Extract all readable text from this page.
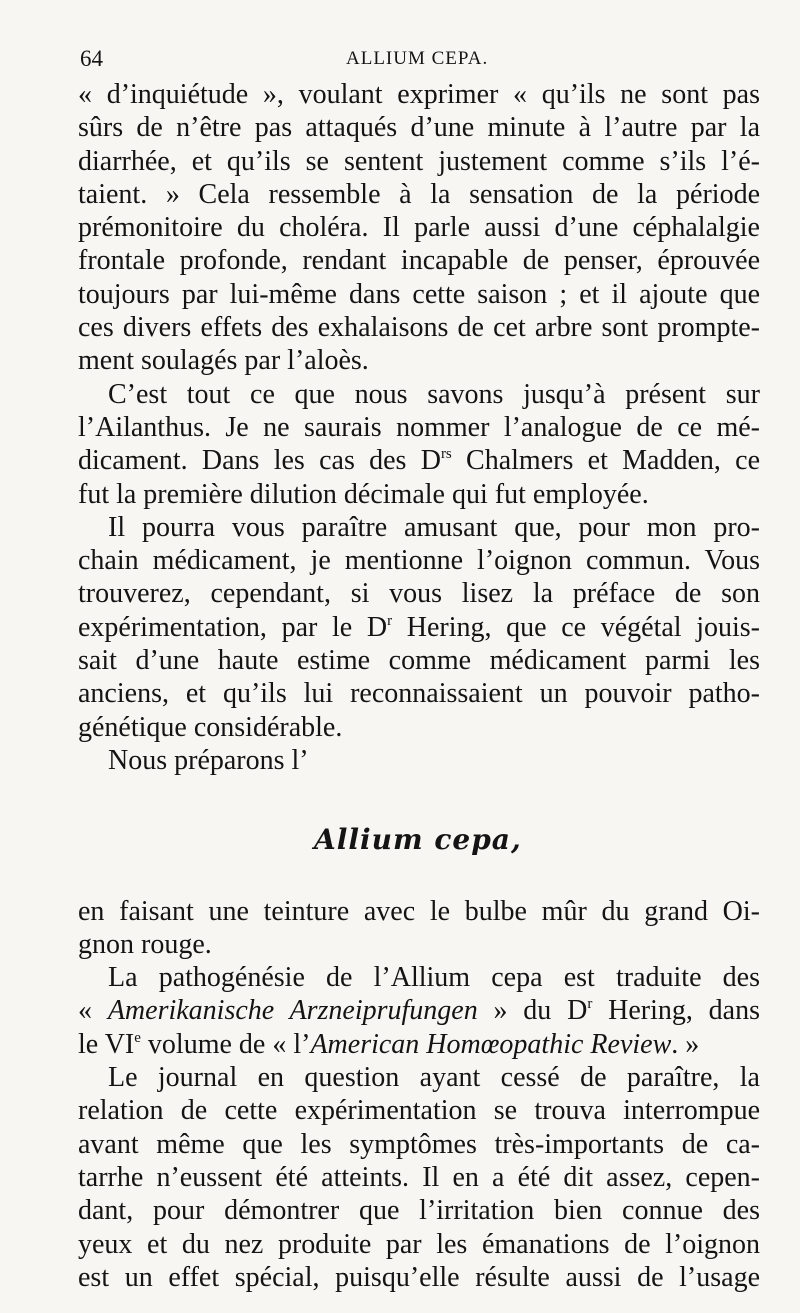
64	ALLIUM CEPA.
« d’inquiétude », voulant exprimer « qu’ils ne sont pas
sûrs de n’être pas attaqués d’une minute à l’autre par la
diarrhée, et qu’ils se sentent justement comme s’ils l’é-
taient. » Cela ressemble à la sensation de la période
prémonitoire du choléra. Il parle aussi d’une céphalalgie
frontale profonde, rendant incapable de penser, éprouvée
toujours par lui-même dans cette saison ; et il ajoute que
ces divers effets des exhalaisons de cet arbre sont prompte-
ment soulagés par l’aloès.
C’est tout ce que nous savons jusqu’à présent sur
l’Ailanthus. Je ne saurais nommer l’analogue de ce mé-
dicament. Dans les cas des $D^{rs}$ Chalmers et Madden, ce
fut la première dilution décimale qui fut employée.
Il pourra vous paraître amusant que, pour mon pro-
chain médicament, je mentionne l’oignon commun. Vous
trouverez, cependant, si vous lisez la préface de son
expérimentation, par le $D^r$ Hering, que ce végétal jouis-
sait d’une haute estime comme médicament parmi les
anciens, et qu’ils lui reconnaissaient un pouvoir patho-
génétique considérable.
Nous préparons l’
Allium cepa,
en faisant une teinture avec le bulbe mûr du grand Oi-
gnon rouge.
La pathogénésie de l’Allium cepa est traduite des
« Amerikanische Arzneiprufungen » du $D^r$ Hering, dans
le VIe volume de « l’American Homœopathic Review. »
Le journal en question ayant cessé de paraître, la
relation de cette expérimentation se trouva interrompue
avant même que les symptômes très-importants de ca-
tarrhe n’eussent été atteints. Il en a été dit assez, cepen-
dant, pour démontrer que l’irritation bien connue des
yeux et du nez produite par les émanations de l’oignon
est un effet spécial, puisqu’elle résulte aussi de l’usage
